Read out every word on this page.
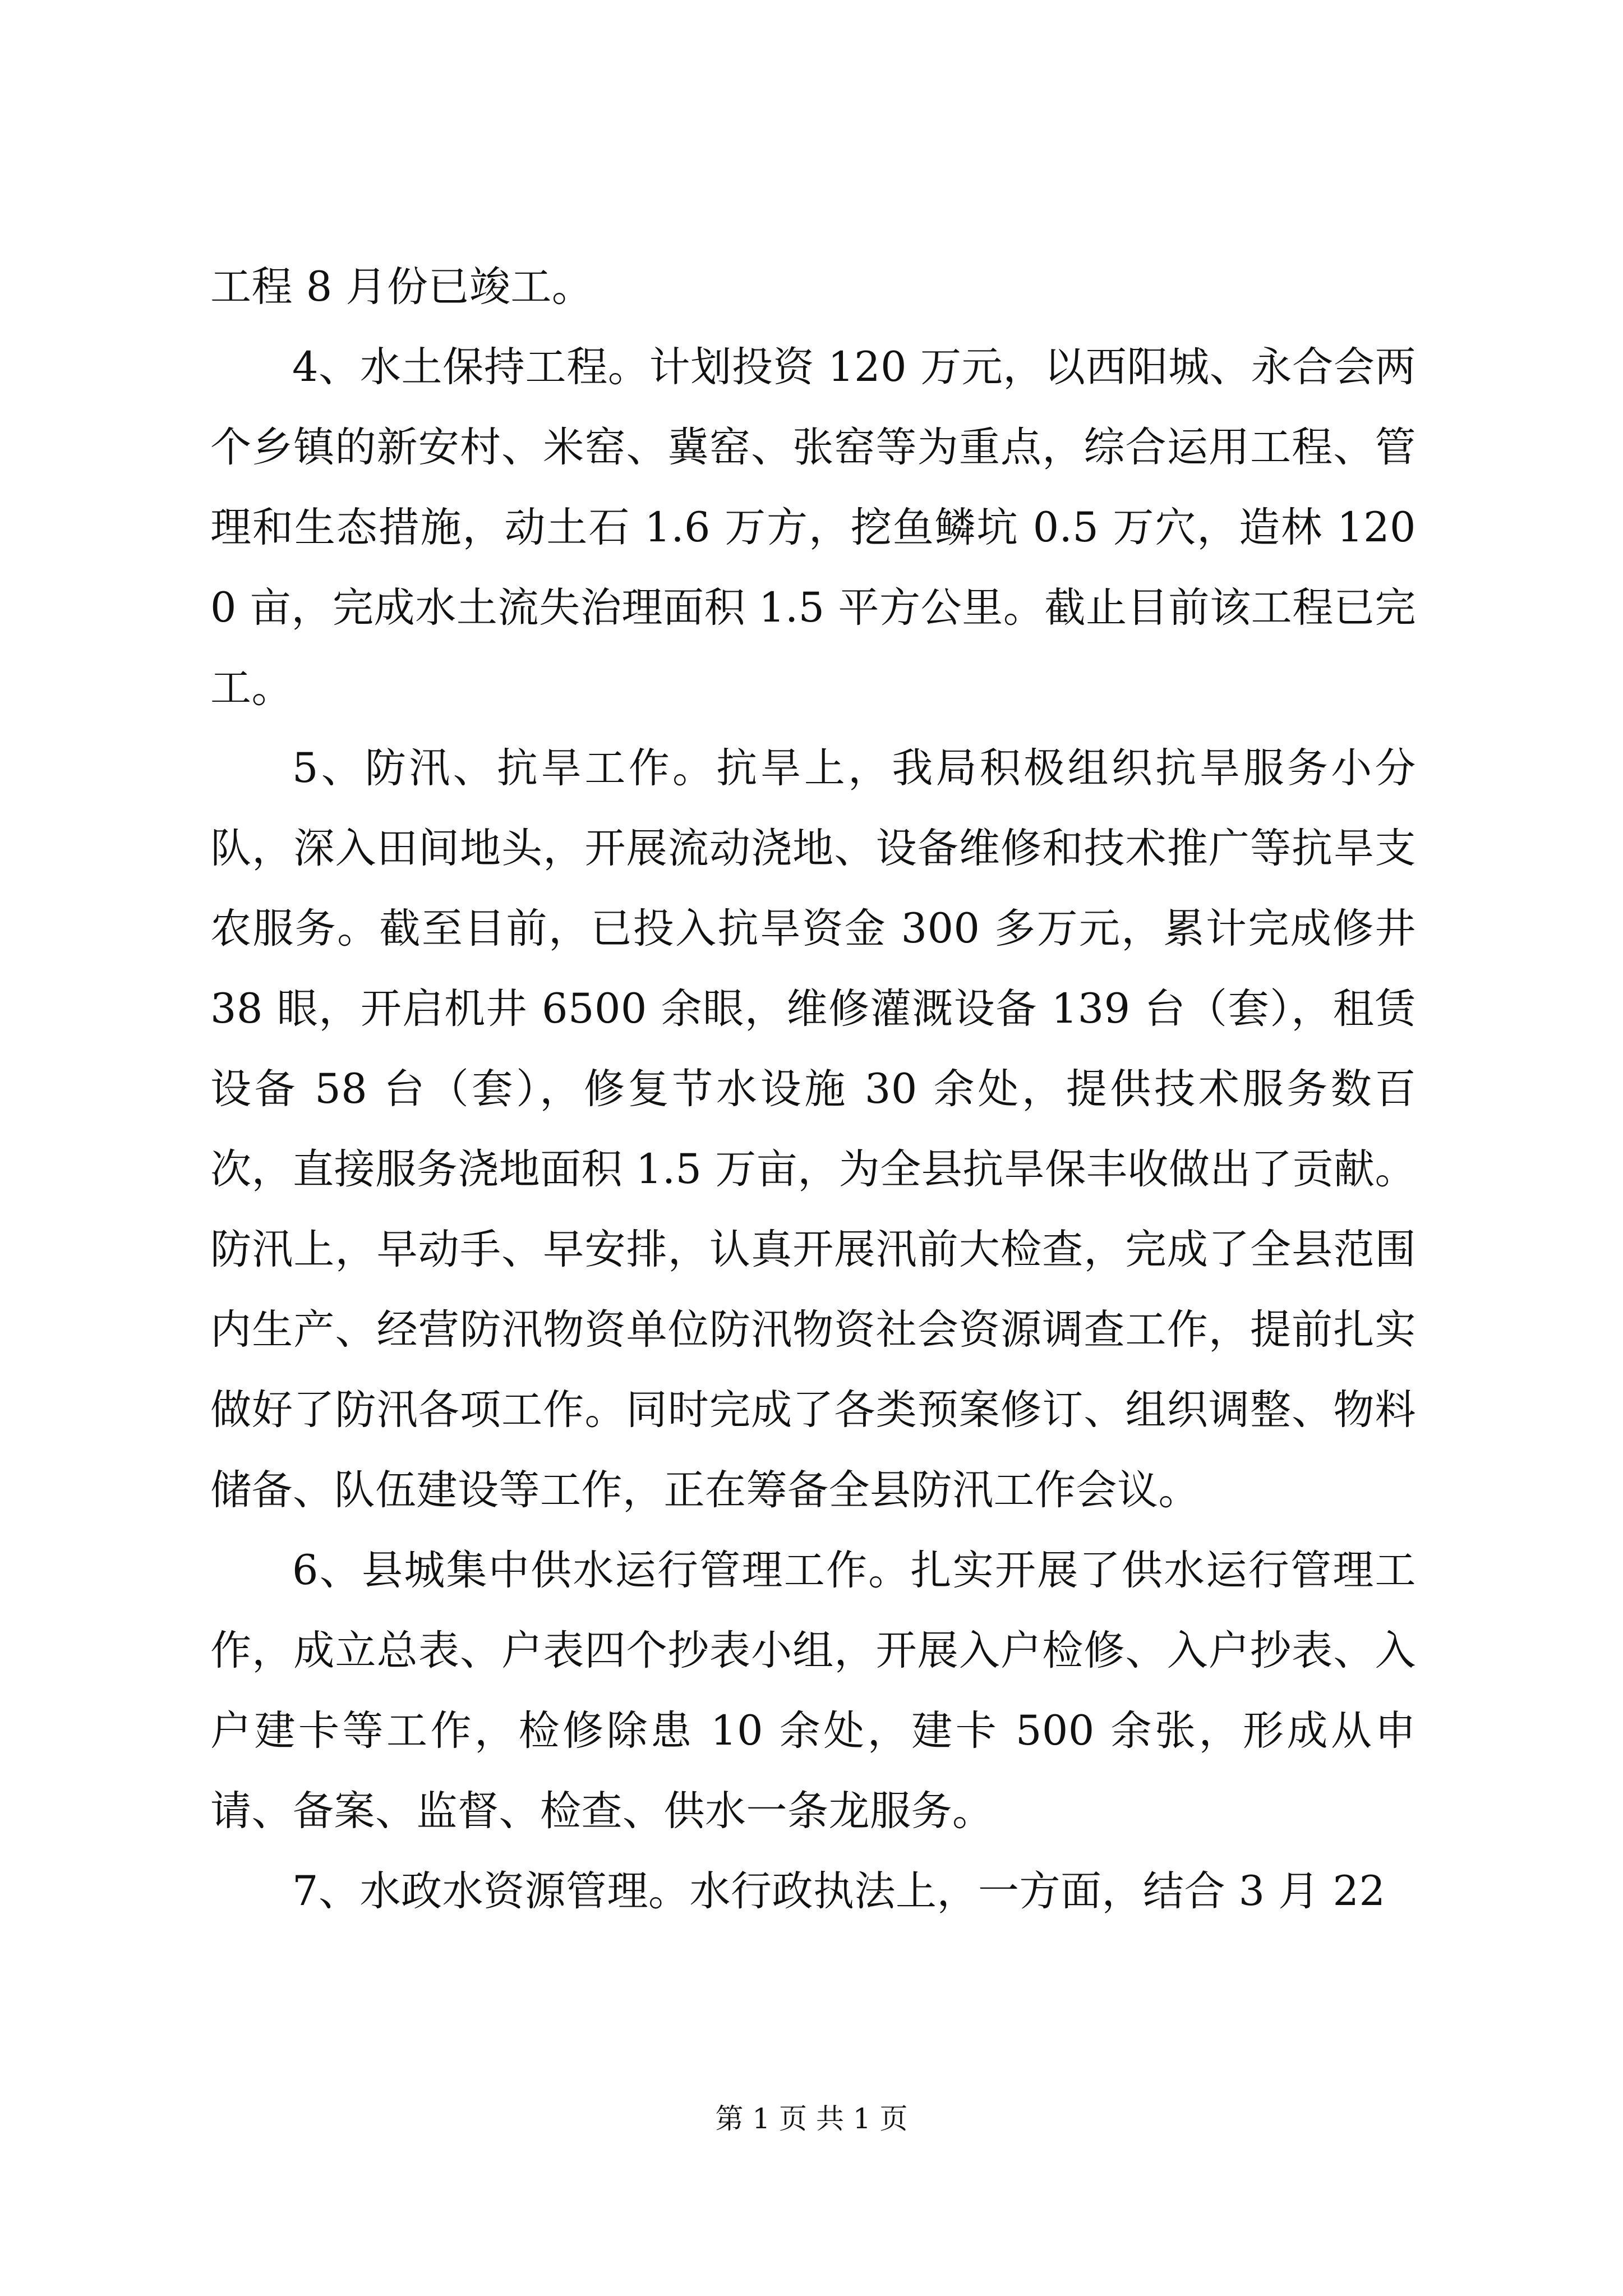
工程 8 月份已竣工。

4、水土保持工程。计划投资 120 万元，以西阳城、永合会两个乡镇的新安村、米窑、冀窑、张窑等为重点，综合运用工程、管理和生态措施，动土石 1.6 万方，挖鱼鳞坑 0.5 万穴，造林 1200 亩，完成水土流失治理面积 1.5 平方公里。截止目前该工程已完工。

5、防汛、抗旱工作。抗旱上，我局积极组织抗旱服务小分队，深入田间地头，开展流动浇地、设备维修和技术推广等抗旱支农服务。截至目前，已投入抗旱资金 300 多万元，累计完成修井 38 眼，开启机井 6500 余眼，维修灌溉设备 139 台（套），租赁设备 58 台（套），修复节水设施 30 余处，提供技术服务数百次，直接服务浇地面积 1.5 万亩，为全县抗旱保丰收做出了贡献。防汛上，早动手、早安排，认真开展汛前大检查，完成了全县范围内生产、经营防汛物资单位防汛物资社会资源调查工作，提前扎实做好了防汛各项工作。同时完成了各类预案修订、组织调整、物料储备、队伍建设等工作，正在筹备全县防汛工作会议。

6、县城集中供水运行管理工作。扎实开展了供水运行管理工作，成立总表、户表四个抄表小组，开展入户检修、入户抄表、入户建卡等工作，检修除患 10 余处，建卡 500 余张，形成从申请、备案、监督、检查、供水一条龙服务。

7、水政水资源管理。水行政执法上，一方面，结合 3 月 22

第 1 页 共 1 页
